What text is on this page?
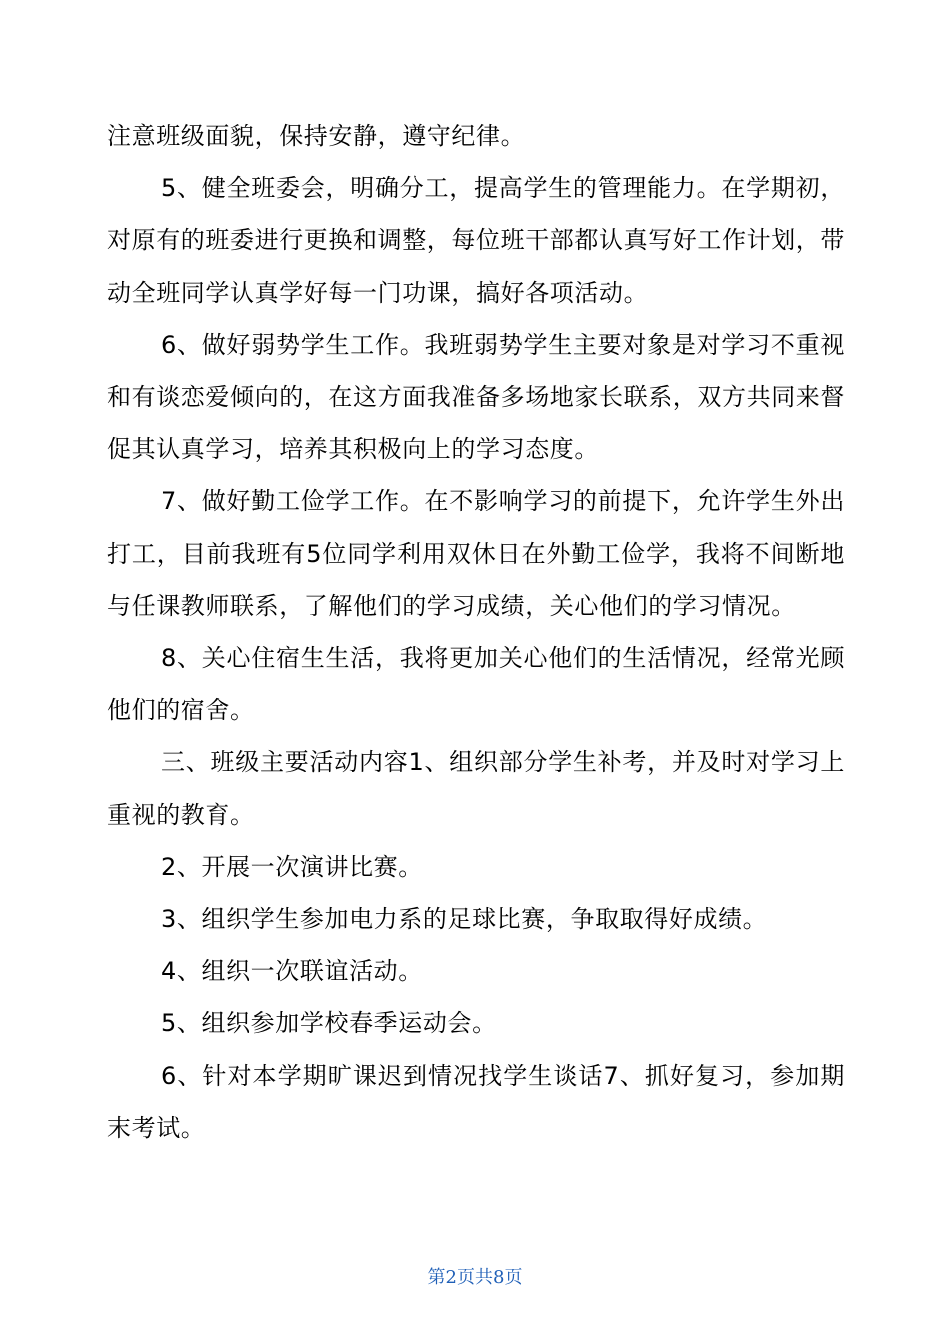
注意班级面貌，保持安静，遵守纪律。

5、健全班委会，明确分工，提高学生的管理能力。在学期初，对原有的班委进行更换和调整，每位班干部都认真写好工作计划，带动全班同学认真学好每一门功课，搞好各项活动。

6、做好弱势学生工作。我班弱势学生主要对象是对学习不重视和有谈恋爱倾向的，在这方面我准备多场地家长联系，双方共同来督促其认真学习，培养其积极向上的学习态度。

7、做好勤工俭学工作。在不影响学习的前提下，允许学生外出打工，目前我班有5位同学利用双休日在外勤工俭学，我将不间断地与任课教师联系，了解他们的学习成绩，关心他们的学习情况。

8、关心住宿生生活，我将更加关心他们的生活情况，经常光顾他们的宿舍。

三、班级主要活动内容1、组织部分学生补考，并及时对学习上重视的教育。

2、开展一次演讲比赛。

3、组织学生参加电力系的足球比赛，争取取得好成绩。

4、组织一次联谊活动。

5、组织参加学校春季运动会。

6、针对本学期旷课迟到情况找学生谈话7、抓好复习，参加期末考试。

第2页共8页
